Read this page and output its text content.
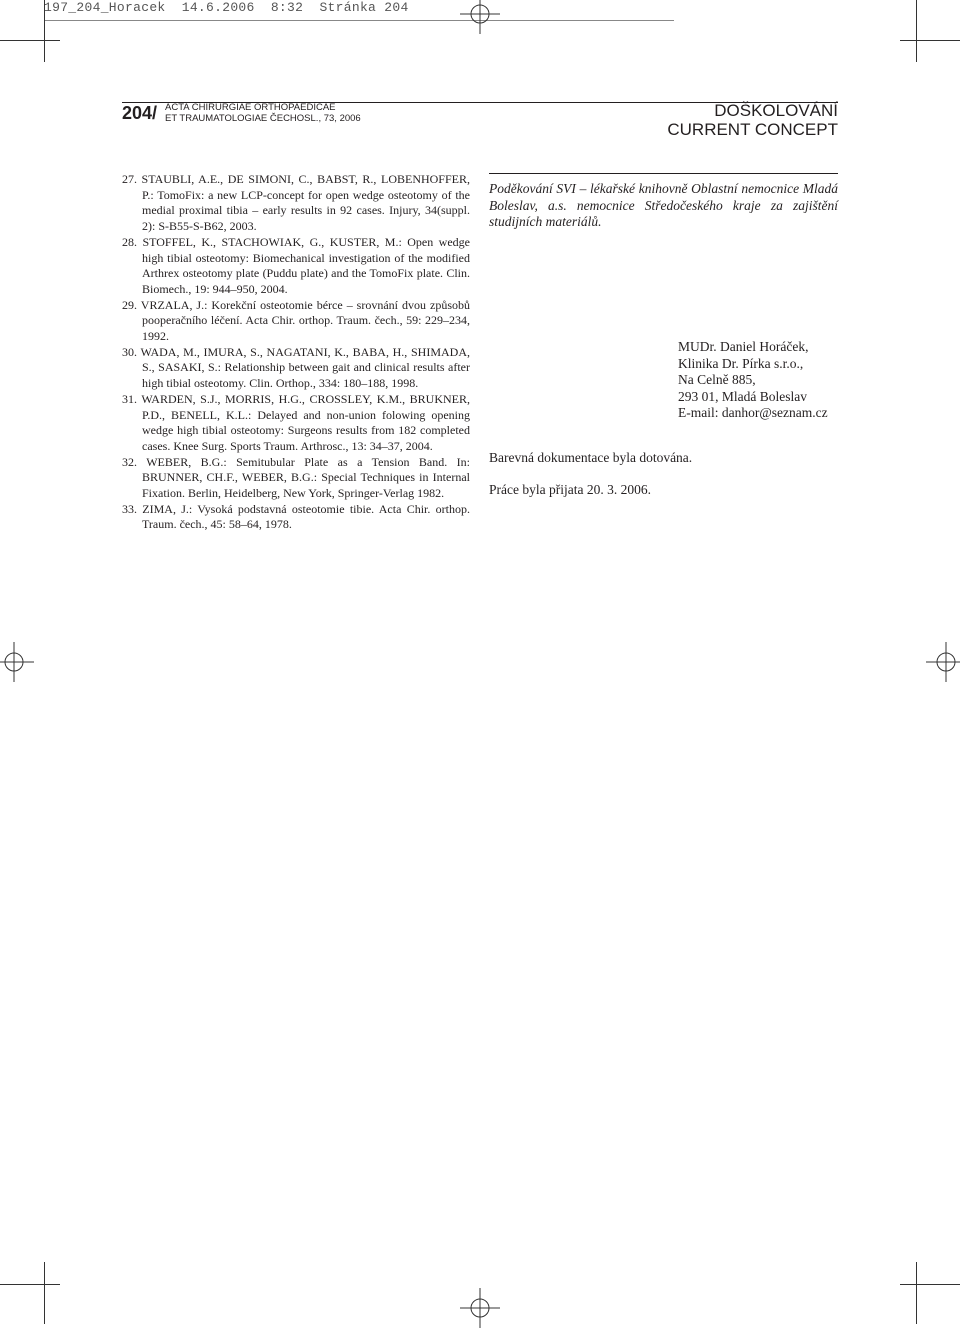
197_204_Horacek  14.6.2006  8:32  Stránka 204
204/ ACTA CHIRURGIAE ORTHOPAEDICAE
ET TRAUMATOLOGIAE ČECHOSL., 73, 2006	DOŠKOLOVÁNÍ
CURRENT CONCEPT

27. STAUBLI, A.E., DE SIMONI, C., BABST, R., LOBENHOFFER, P.: TomoFix: a new LCP-concept for open wedge osteotomy of the medial proximal tibia – early results in 92 cases. Injury, 34(suppl. 2): S-B55-S-B62, 2003.

28. STOFFEL, K., STACHOWIAK, G., KUSTER, M.: Open wedge high tibial osteotomy: Biomechanical investigation of the modified Arthrex osteotomy plate (Puddu plate) and the TomoFix plate. Clin. Biomech., 19: 944–950, 2004.

29. VRZALA, J.: Korekční osteotomie bérce – srovnání dvou způsobů pooperačního léčení. Acta Chir. orthop. Traum. čech., 59: 229–234, 1992.

30. WADA, M., IMURA, S., NAGATANI, K., BABA, H., SHIMADA, S., SASAKI, S.: Relationship between gait and clinical results after high tibial osteotomy. Clin. Orthop., 334: 180–188, 1998.

31. WARDEN, S.J., MORRIS, H.G., CROSSLEY, K.M., BRUKNER, P.D., BENELL, K.L.: Delayed and non-union folowing opening wedge high tibial osteotomy: Surgeons results from 182 completed cases. Knee Surg. Sports Traum. Arthrosc., 13: 34–37, 2004.

32. WEBER, B.G.: Semitubular Plate as a Tension Band. In: BRUNNER, CH.F., WEBER, B.G.: Special Techniques in Internal Fixation. Berlin, Heidelberg, New York, Springer-Verlag 1982.

33. ZIMA, J.: Vysoká podstavná osteotomie tibie. Acta Chir. orthop. Traum. čech., 45: 58–64, 1978.

Poděkování SVI – lékařské knihovně Oblastní nemocnice Mladá Boleslav, a.s. nemocnice Středočeského kraje za zajištění studijních materiálů.
MUDr. Daniel Horáček,
Klinika Dr. Pírka s.r.o.,
Na Celně 885,
293 01, Mladá Boleslav
E-mail: danhor@seznam.cz
Barevná dokumentace byla dotována.
Práce byla přijata 20. 3. 2006.
